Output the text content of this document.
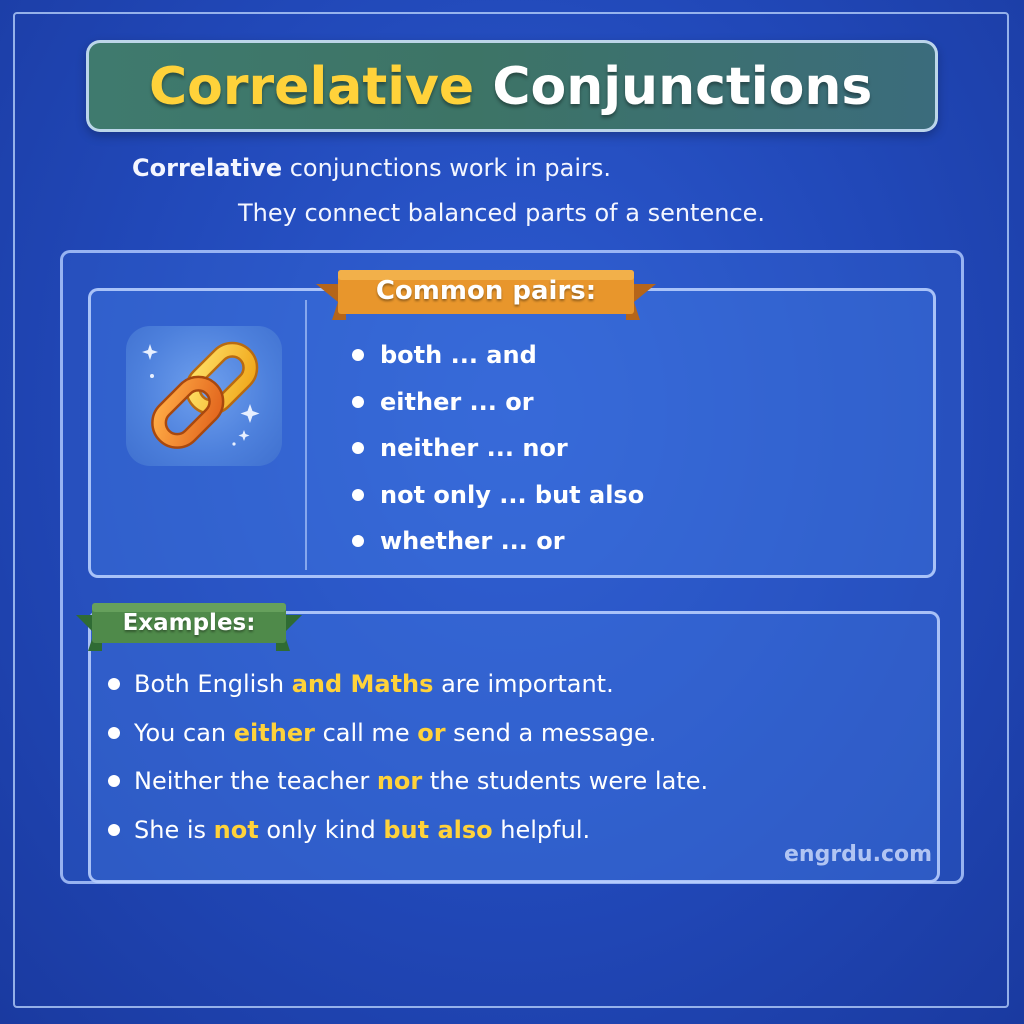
Correlative Conjunctions
Correlative conjunctions work in pairs.
They connect balanced parts of a sentence.
Common pairs:
both ... and
either ... or
neither ... nor
not only ... but also
whether ... or
Examples:
Both English and Maths are important.
You can either call me or send a message.
Neither the teacher nor the students were late.
She is not only kind but also helpful.
engrdu.com
